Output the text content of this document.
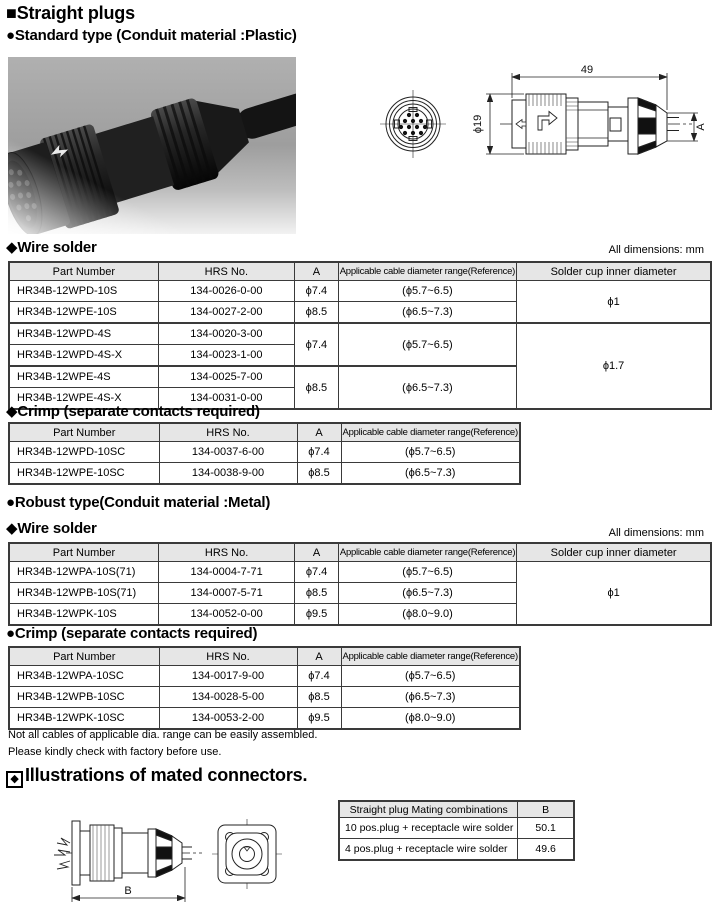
■Straight plugs
●Standard type (Conduit material :Plastic)
49
ϕ19	A
◆Wire solder	All dimensions: mm
Part Number	HRS No.	A	Applicable cable diameter range(Reference)	Solder cup inner diameter
HR34B-12WPD-10S	134-0026-0-00	ϕ7.4	(ϕ5.7~6.5)	ϕ1
HR34B-12WPE-10S	134-0027-2-00	ϕ8.5	(ϕ6.5~7.3)	
HR34B-12WPD-4S	134-0020-3-00	ϕ7.4	(ϕ5.7~6.5)	ϕ1.7
HR34B-12WPD-4S-X	134-0023-1-00			
HR34B-12WPE-4S	134-0025-7-00	ϕ8.5	(ϕ6.5~7.3)	
HR34B-12WPE-4S-X	134-0031-0-00			
◆Crimp (separate contacts required)
Part Number	HRS No.	A	Applicable cable diameter range(Reference)
HR34B-12WPD-10SC	134-0037-6-00	ϕ7.4	(ϕ5.7~6.5)
HR34B-12WPE-10SC	134-0038-9-00	ϕ8.5	(ϕ6.5~7.3)
●Robust type(Conduit material :Metal)
◆Wire solder	All dimensions: mm
Part Number	HRS No.	A	Applicable cable diameter range(Reference)	Solder cup inner diameter
HR34B-12WPA-10S(71)	134-0004-7-71	ϕ7.4	(ϕ5.7~6.5)	ϕ1
HR34B-12WPB-10S(71)	134-0007-5-71	ϕ8.5	(ϕ6.5~7.3)	
HR34B-12WPK-10S	134-0052-0-00	ϕ9.5	(ϕ8.0~9.0)	
●Crimp (separate contacts required)
Part Number	HRS No.	A	Applicable cable diameter range(Reference)
HR34B-12WPA-10SC	134-0017-9-00	ϕ7.4	(ϕ5.7~6.5)
HR34B-12WPB-10SC	134-0028-5-00	ϕ8.5	(ϕ6.5~7.3)
HR34B-12WPK-10SC	134-0053-2-00	ϕ9.5	(ϕ8.0~9.0)
Not all cables of applicable dia. range can be easily assembled.
Please kindly check with factory before use.
◆ Illustrations of mated connectors.
B
Straight plug Mating combinations	B
10 pos.plug + receptacle wire solder	50.1
4 pos.plug + receptacle wire solder	49.6
